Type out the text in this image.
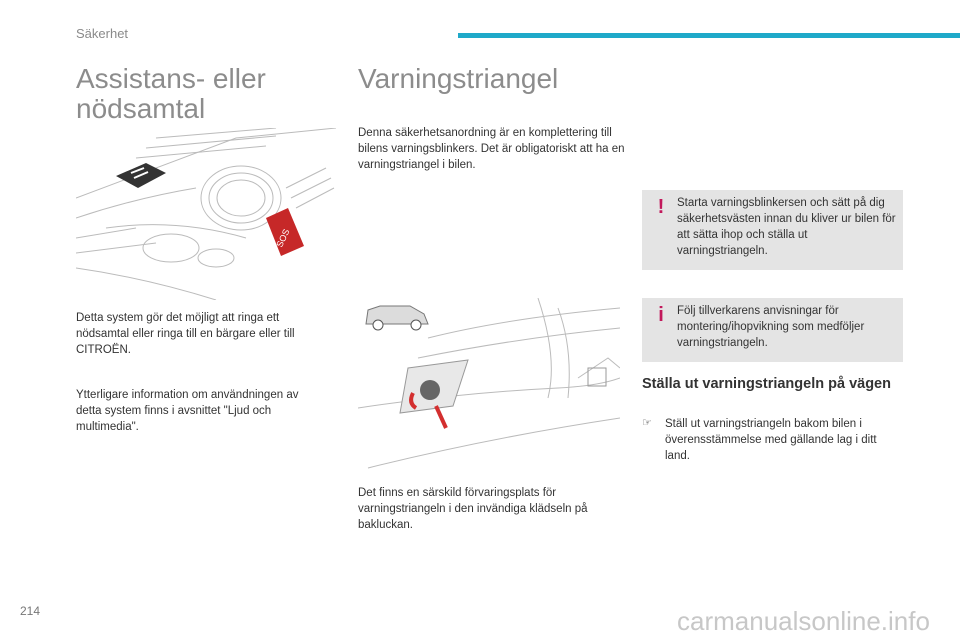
Säkerhet
Assistans- eller nödsamtal
SOS
Detta system gör det möjligt att ringa ett nödsamtal eller ringa till en bärgare eller till CITROËN.
Ytterligare information om användningen av detta system finns i avsnittet "Ljud och multimedia".
Varningstriangel
Denna säkerhetsanordning är en komplettering till bilens varningsblinkers. Det är obligatoriskt att ha en varningstriangel i bilen.
Det finns en särskild förvaringsplats för varningstriangeln i den invändiga klädseln på bakluckan.
!	Starta varningsblinkersen och sätt på dig säkerhetsvästen innan du kliver ur bilen för att sätta ihop och ställa ut varningstriangeln.
i	Följ tillverkarens anvisningar för montering/ihopvikning som medföljer varningstriangeln.
Ställa ut varningstriangeln på vägen
☞ Ställ ut varningstriangeln bakom bilen i överensstämmelse med gällande lag i ditt land.
214	carmanualsonline.info
